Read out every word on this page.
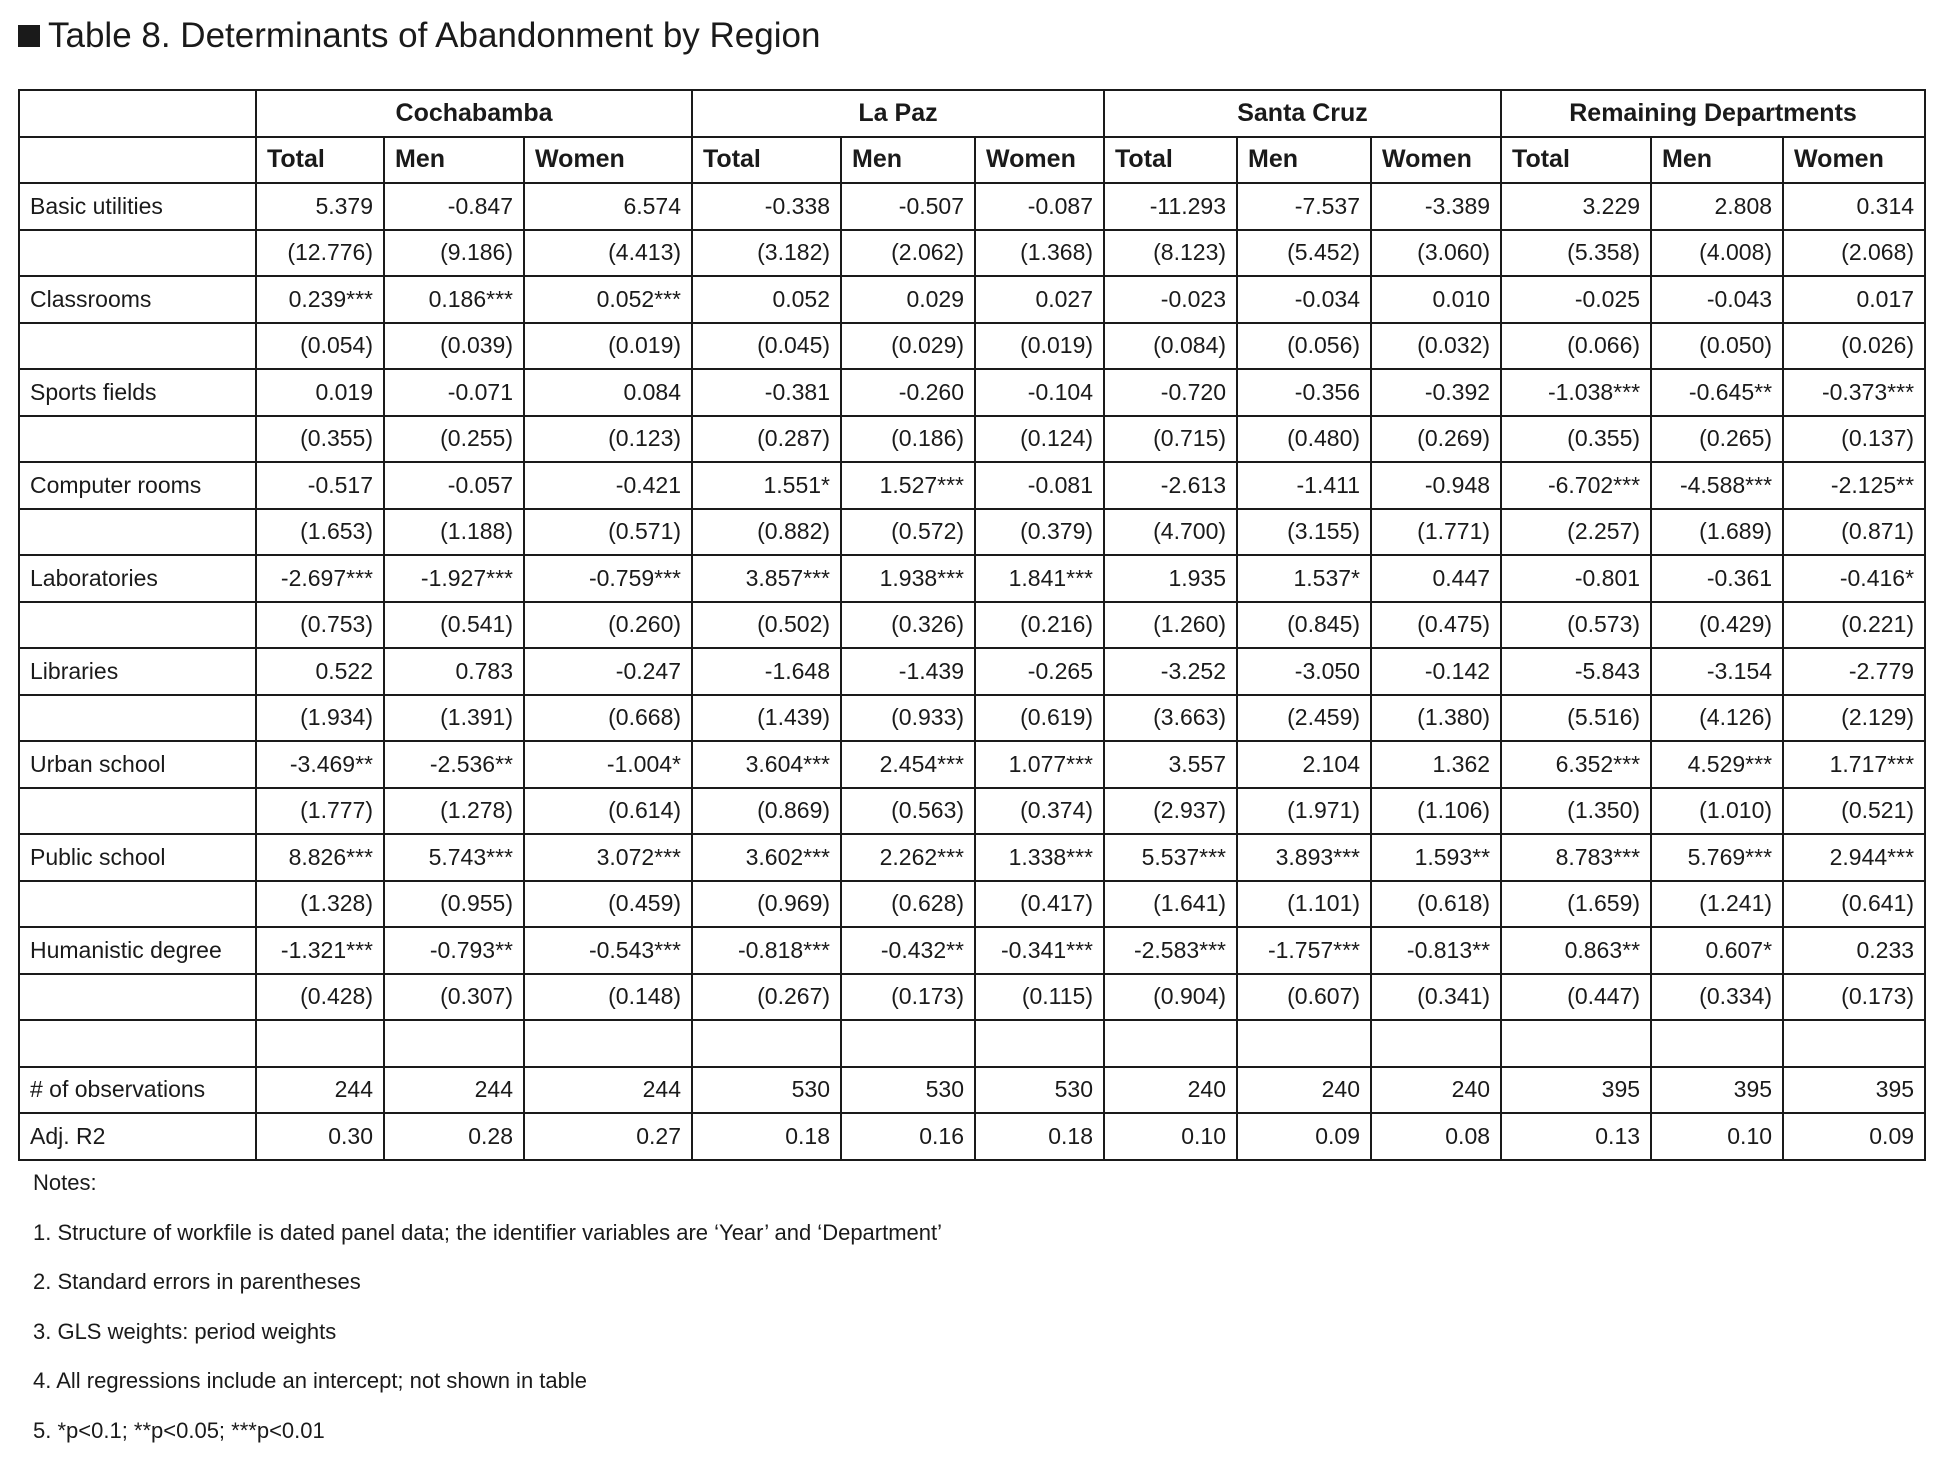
Table 8. Determinants of Abandonment by Region
	Cochabamba			La Paz			Santa Cruz			Remaining Departments		
	Total	Men	Women	Total	Men	Women	Total	Men	Women	Total	Men	Women
Basic utilities	5.379	-0.847	6.574	-0.338	-0.507	-0.087	-11.293	-7.537	-3.389	3.229	2.808	0.314
	(12.776)	(9.186)	(4.413)	(3.182)	(2.062)	(1.368)	(8.123)	(5.452)	(3.060)	(5.358)	(4.008)	(2.068)
Classrooms	0.239***	0.186***	0.052***	0.052	0.029	0.027	-0.023	-0.034	0.010	-0.025	-0.043	0.017
	(0.054)	(0.039)	(0.019)	(0.045)	(0.029)	(0.019)	(0.084)	(0.056)	(0.032)	(0.066)	(0.050)	(0.026)
Sports fields	0.019	-0.071	0.084	-0.381	-0.260	-0.104	-0.720	-0.356	-0.392	-1.038***	-0.645**	-0.373***
	(0.355)	(0.255)	(0.123)	(0.287)	(0.186)	(0.124)	(0.715)	(0.480)	(0.269)	(0.355)	(0.265)	(0.137)
Computer rooms	-0.517	-0.057	-0.421	1.551*	1.527***	-0.081	-2.613	-1.411	-0.948	-6.702***	-4.588***	-2.125**
	(1.653)	(1.188)	(0.571)	(0.882)	(0.572)	(0.379)	(4.700)	(3.155)	(1.771)	(2.257)	(1.689)	(0.871)
Laboratories	-2.697***	-1.927***	-0.759***	3.857***	1.938***	1.841***	1.935	1.537*	0.447	-0.801	-0.361	-0.416*
	(0.753)	(0.541)	(0.260)	(0.502)	(0.326)	(0.216)	(1.260)	(0.845)	(0.475)	(0.573)	(0.429)	(0.221)
Libraries	0.522	0.783	-0.247	-1.648	-1.439	-0.265	-3.252	-3.050	-0.142	-5.843	-3.154	-2.779
	(1.934)	(1.391)	(0.668)	(1.439)	(0.933)	(0.619)	(3.663)	(2.459)	(1.380)	(5.516)	(4.126)	(2.129)
Urban school	-3.469**	-2.536**	-1.004*	3.604***	2.454***	1.077***	3.557	2.104	1.362	6.352***	4.529***	1.717***
	(1.777)	(1.278)	(0.614)	(0.869)	(0.563)	(0.374)	(2.937)	(1.971)	(1.106)	(1.350)	(1.010)	(0.521)
Public school	8.826***	5.743***	3.072***	3.602***	2.262***	1.338***	5.537***	3.893***	1.593**	8.783***	5.769***	2.944***
	(1.328)	(0.955)	(0.459)	(0.969)	(0.628)	(0.417)	(1.641)	(1.101)	(0.618)	(1.659)	(1.241)	(0.641)
Humanistic degree	-1.321***	-0.793**	-0.543***	-0.818***	-0.432**	-0.341***	-2.583***	-1.757***	-0.813**	0.863**	0.607*	0.233
	(0.428)	(0.307)	(0.148)	(0.267)	(0.173)	(0.115)	(0.904)	(0.607)	(0.341)	(0.447)	(0.334)	(0.173)

# of observations	244	244	244	530	530	530	240	240	240	395	395	395
Adj. R2	0.30	0.28	0.27	0.18	0.16	0.18	0.10	0.09	0.08	0.13	0.10	0.09
Notes:
1. Structure of workfile is dated panel data; the identifier variables are ‘Year’ and ‘Department’
2. Standard errors in parentheses
3. GLS weights: period weights
4. All regressions include an intercept; not shown in table
5. *p<0.1; **p<0.05; ***p<0.01
